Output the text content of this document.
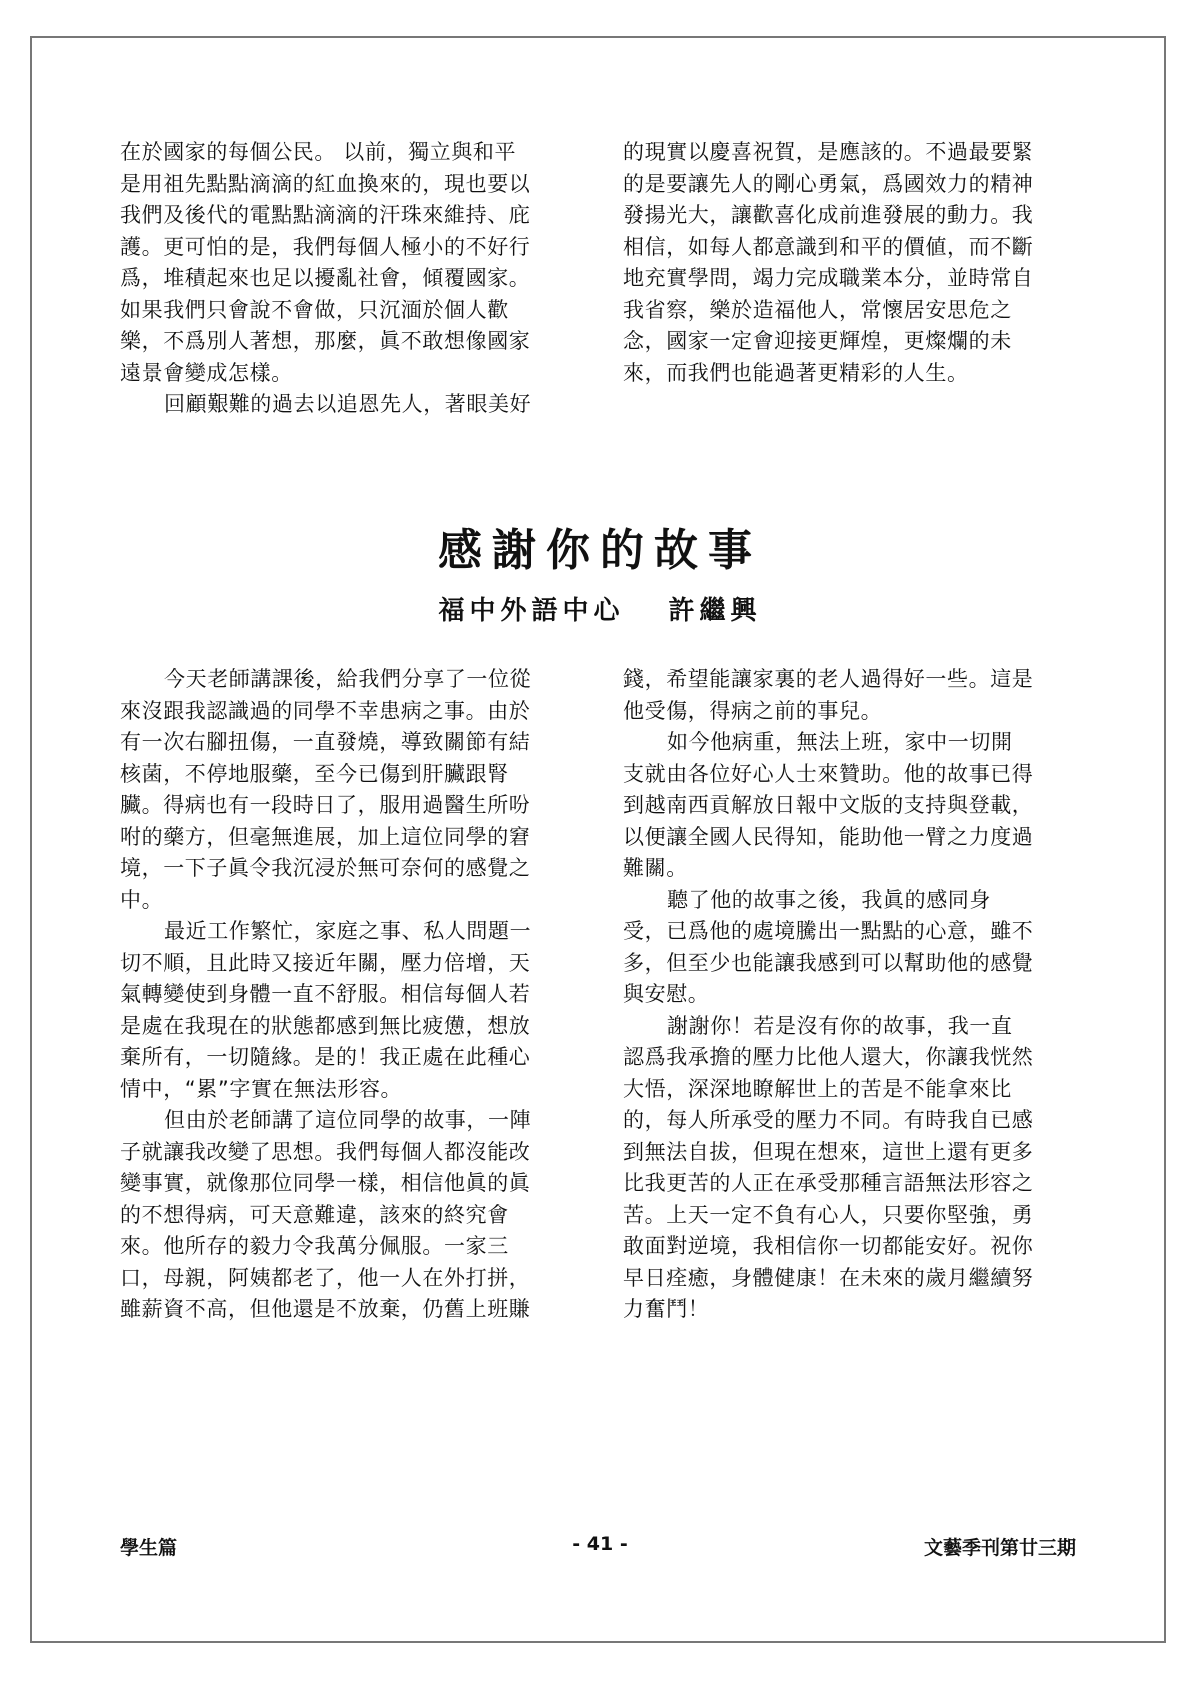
在於國家的每個公民。 以前，獨立與和平
是用祖先點點滴滴的紅血換來的，現也要以
我們及後代的電點點滴滴的汗珠來維持、庇
護。更可怕的是，我們每個人極小的不好行
爲，堆積起來也足以擾亂社會，傾覆國家。
如果我們只會說不會做，只沉湎於個人歡
樂，不爲別人著想，那麼，眞不敢想像國家
遠景會變成怎樣。
回顧艱難的過去以追恩先人，著眼美好
的現實以慶喜祝賀，是應該的。不過最要緊
的是要讓先人的剛心勇氣，爲國效力的精神
發揚光大，讓歡喜化成前進發展的動力。我
相信，如每人都意識到和平的價値，而不斷
地充實學問，竭力完成職業本分，並時常自
我省察，樂於造福他人，常懷居安思危之
念，國家一定會迎接更輝煌，更燦爛的未
來，而我們也能過著更精彩的人生。
感謝你的故事
福中外語中心 許繼興
今天老師講課後，給我們分享了一位從
來沒跟我認識過的同學不幸患病之事。由於
有一次右腳扭傷，一直發燒，導致關節有結
核菌，不停地服藥，至今已傷到肝臟跟腎
臟。得病也有一段時日了，服用過醫生所吩
咐的藥方，但毫無進展，加上這位同學的窘
境，一下子眞令我沉浸於無可奈何的感覺之
中。
最近工作繁忙，家庭之事、私人問題一
切不順，且此時又接近年關，壓力倍增，天
氣轉變使到身體一直不舒服。相信每個人若
是處在我現在的狀態都感到無比疲憊，想放
棄所有，一切隨緣。是的！我正處在此種心
情中，“累”字實在無法形容。
但由於老師講了這位同學的故事，一陣
子就讓我改變了思想。我們每個人都沒能改
變事實，就像那位同學一樣，相信他眞的眞
的不想得病，可天意難違，該來的終究會
來。他所存的毅力令我萬分佩服。一家三
口，母親，阿姨都老了，他一人在外打拼，
雖薪資不高，但他還是不放棄，仍舊上班賺
錢，希望能讓家裏的老人過得好一些。這是
他受傷，得病之前的事兒。
如今他病重，無法上班，家中一切開
支就由各位好心人士來贊助。他的故事已得
到越南西貢解放日報中文版的支持與登載，
以便讓全國人民得知，能助他一臂之力度過
難關。
聽了他的故事之後，我眞的感同身
受，已爲他的處境騰出一點點的心意，雖不
多，但至少也能讓我感到可以幫助他的感覺
與安慰。
謝謝你！若是沒有你的故事，我一直
認爲我承擔的壓力比他人還大，你讓我恍然
大悟，深深地瞭解世上的苦是不能拿來比
的，每人所承受的壓力不同。有時我自已感
到無法自拔，但現在想來，這世上還有更多
比我更苦的人正在承受那種言語無法形容之
苦。上天一定不負有心人，只要你堅強，勇
敢面對逆境，我相信你一切都能安好。祝你
早日痊癒，身體健康！在未來的歲月繼續努
力奮鬥！
學生篇	- 41 -	文藝季刊第廿三期
